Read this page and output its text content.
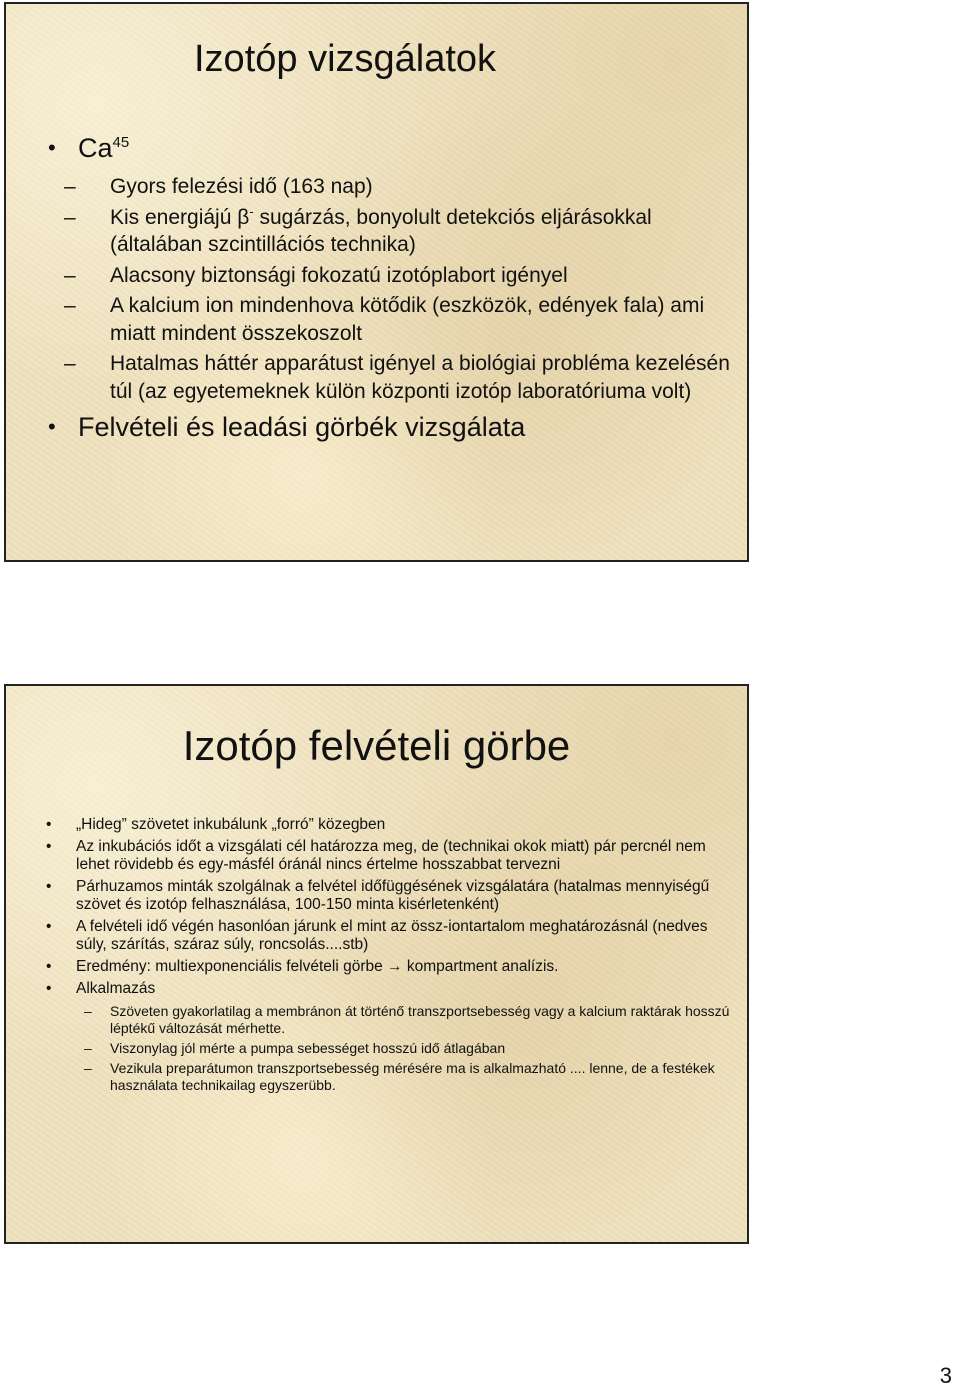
Izotóp vizsgálatok
• Ca$^{45}$
– Gyors felezési idő (163 nap)
– Kis energiájú β- sugárzás, bonyolult detekciós eljárásokkal (általában szcintillációs technika)
– Alacsony biztonsági fokozatú izotóplabort igényel
– A kalcium ion mindenhova kötődik (eszközök, edények fala) ami miatt mindent összekoszolt
– Hatalmas háttér apparátust igényel a biológiai probléma kezelésén túl (az egyetemeknek külön központi izotóp laboratóriuma volt)
• Felvételi és leadási görbék vizsgálata
Izotóp felvételi görbe
• „Hideg” szövetet inkubálunk „forró” közegben
• Az inkubációs időt a vizsgálati cél határozza meg, de (technikai okok miatt) pár percnél nem lehet rövidebb és egy-másfél óránál nincs értelme hosszabbat tervezni
• Párhuzamos minták szolgálnak a felvétel időfüggésének vizsgálatára (hatalmas mennyiségű szövet és izotóp felhasználása, 100-150 minta kisérletenként)
• A felvételi idő végén hasonlóan járunk el mint az össz-iontartalom meghatározásnál (nedves súly, szárítás, száraz súly, roncsolás....stb)
• Eredmény: multiexponenciális felvételi görbe → kompartment analízis.
• Alkalmazás
– Szöveten gyakorlatilag a membránon át történő transzportsebesség vagy a kalcium raktárak hosszú léptékű változását mérhette.
– Viszonylag jól mérte a pumpa sebességet hosszú idő átlagában
– Vezikula preparátumon transzportsebesség mérésére ma is alkalmazható .... lenne, de a festékek használata technikailag egyszerübb.
3
